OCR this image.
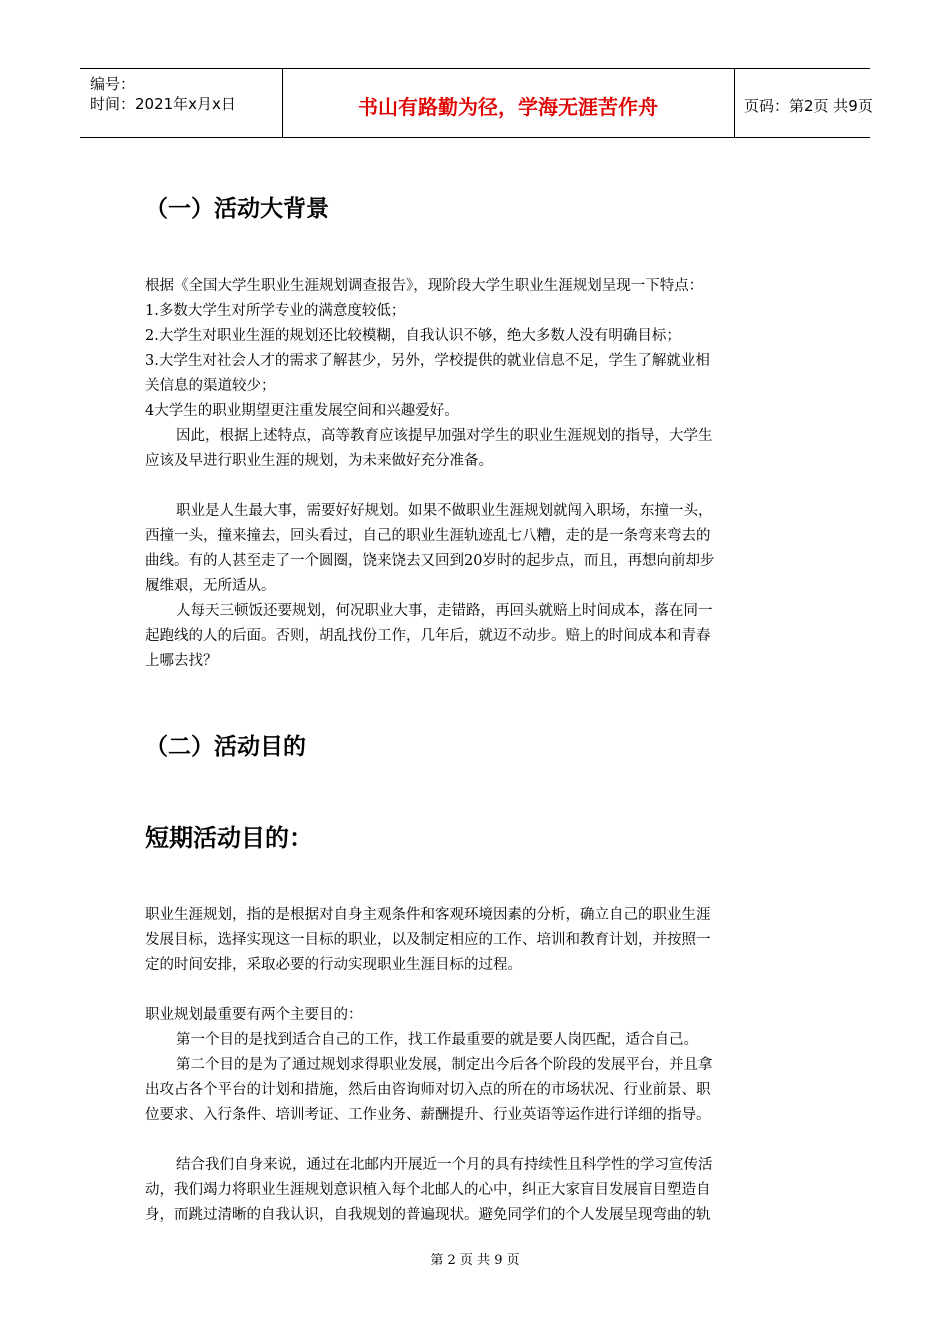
编号：
时间：2021年x月x日	书山有路勤为径，学海无涯苦作舟	页码：第2页 共9页
（一）活动大背景
根据《全国大学生职业生涯规划调查报告》，现阶段大学生职业生涯规划呈现一下特点：
1.多数大学生对所学专业的满意度较低；
2.大学生对职业生涯的规划还比较模糊，自我认识不够，绝大多数人没有明确目标；
3.大学生对社会人才的需求了解甚少，另外，学校提供的就业信息不足，学生了解就业相
关信息的渠道较少；
4大学生的职业期望更注重发展空间和兴趣爱好。
因此，根据上述特点，高等教育应该提早加强对学生的职业生涯规划的指导，大学生
应该及早进行职业生涯的规划，为未来做好充分准备。
职业是人生最大事，需要好好规划。如果不做职业生涯规划就闯入职场，东撞一头，
西撞一头，撞来撞去，回头看过，自己的职业生涯轨迹乱七八糟，走的是一条弯来弯去的
曲线。有的人甚至走了一个圆圈，饶来饶去又回到20岁时的起步点，而且，再想向前却步
履维艰，无所适从。
人每天三顿饭还要规划，何况职业大事，走错路，再回头就赔上时间成本，落在同一
起跑线的人的后面。否则，胡乱找份工作，几年后，就迈不动步。赔上的时间成本和青春
上哪去找？
（二）活动目的
短期活动目的：
职业生涯规划，指的是根据对自身主观条件和客观环境因素的分析，确立自己的职业生涯
发展目标，选择实现这一目标的职业，以及制定相应的工作、培训和教育计划，并按照一
定的时间安排，采取必要的行动实现职业生涯目标的过程。
职业规划最重要有两个主要目的：
第一个目的是找到适合自己的工作，找工作最重要的就是要人岗匹配，适合自己。
第二个目的是为了通过规划求得职业发展，制定出今后各个阶段的发展平台，并且拿
出攻占各个平台的计划和措施，然后由咨询师对切入点的所在的市场状况、行业前景、职
位要求、入行条件、培训考证、工作业务、薪酬提升、行业英语等运作进行详细的指导。
结合我们自身来说，通过在北邮内开展近一个月的具有持续性且科学性的学习宣传活
动，我们竭力将职业生涯规划意识植入每个北邮人的心中，纠正大家盲目发展盲目塑造自
身，而跳过清晰的自我认识，自我规划的普遍现状。避免同学们的个人发展呈现弯曲的轨
第 2 页 共 9 页
